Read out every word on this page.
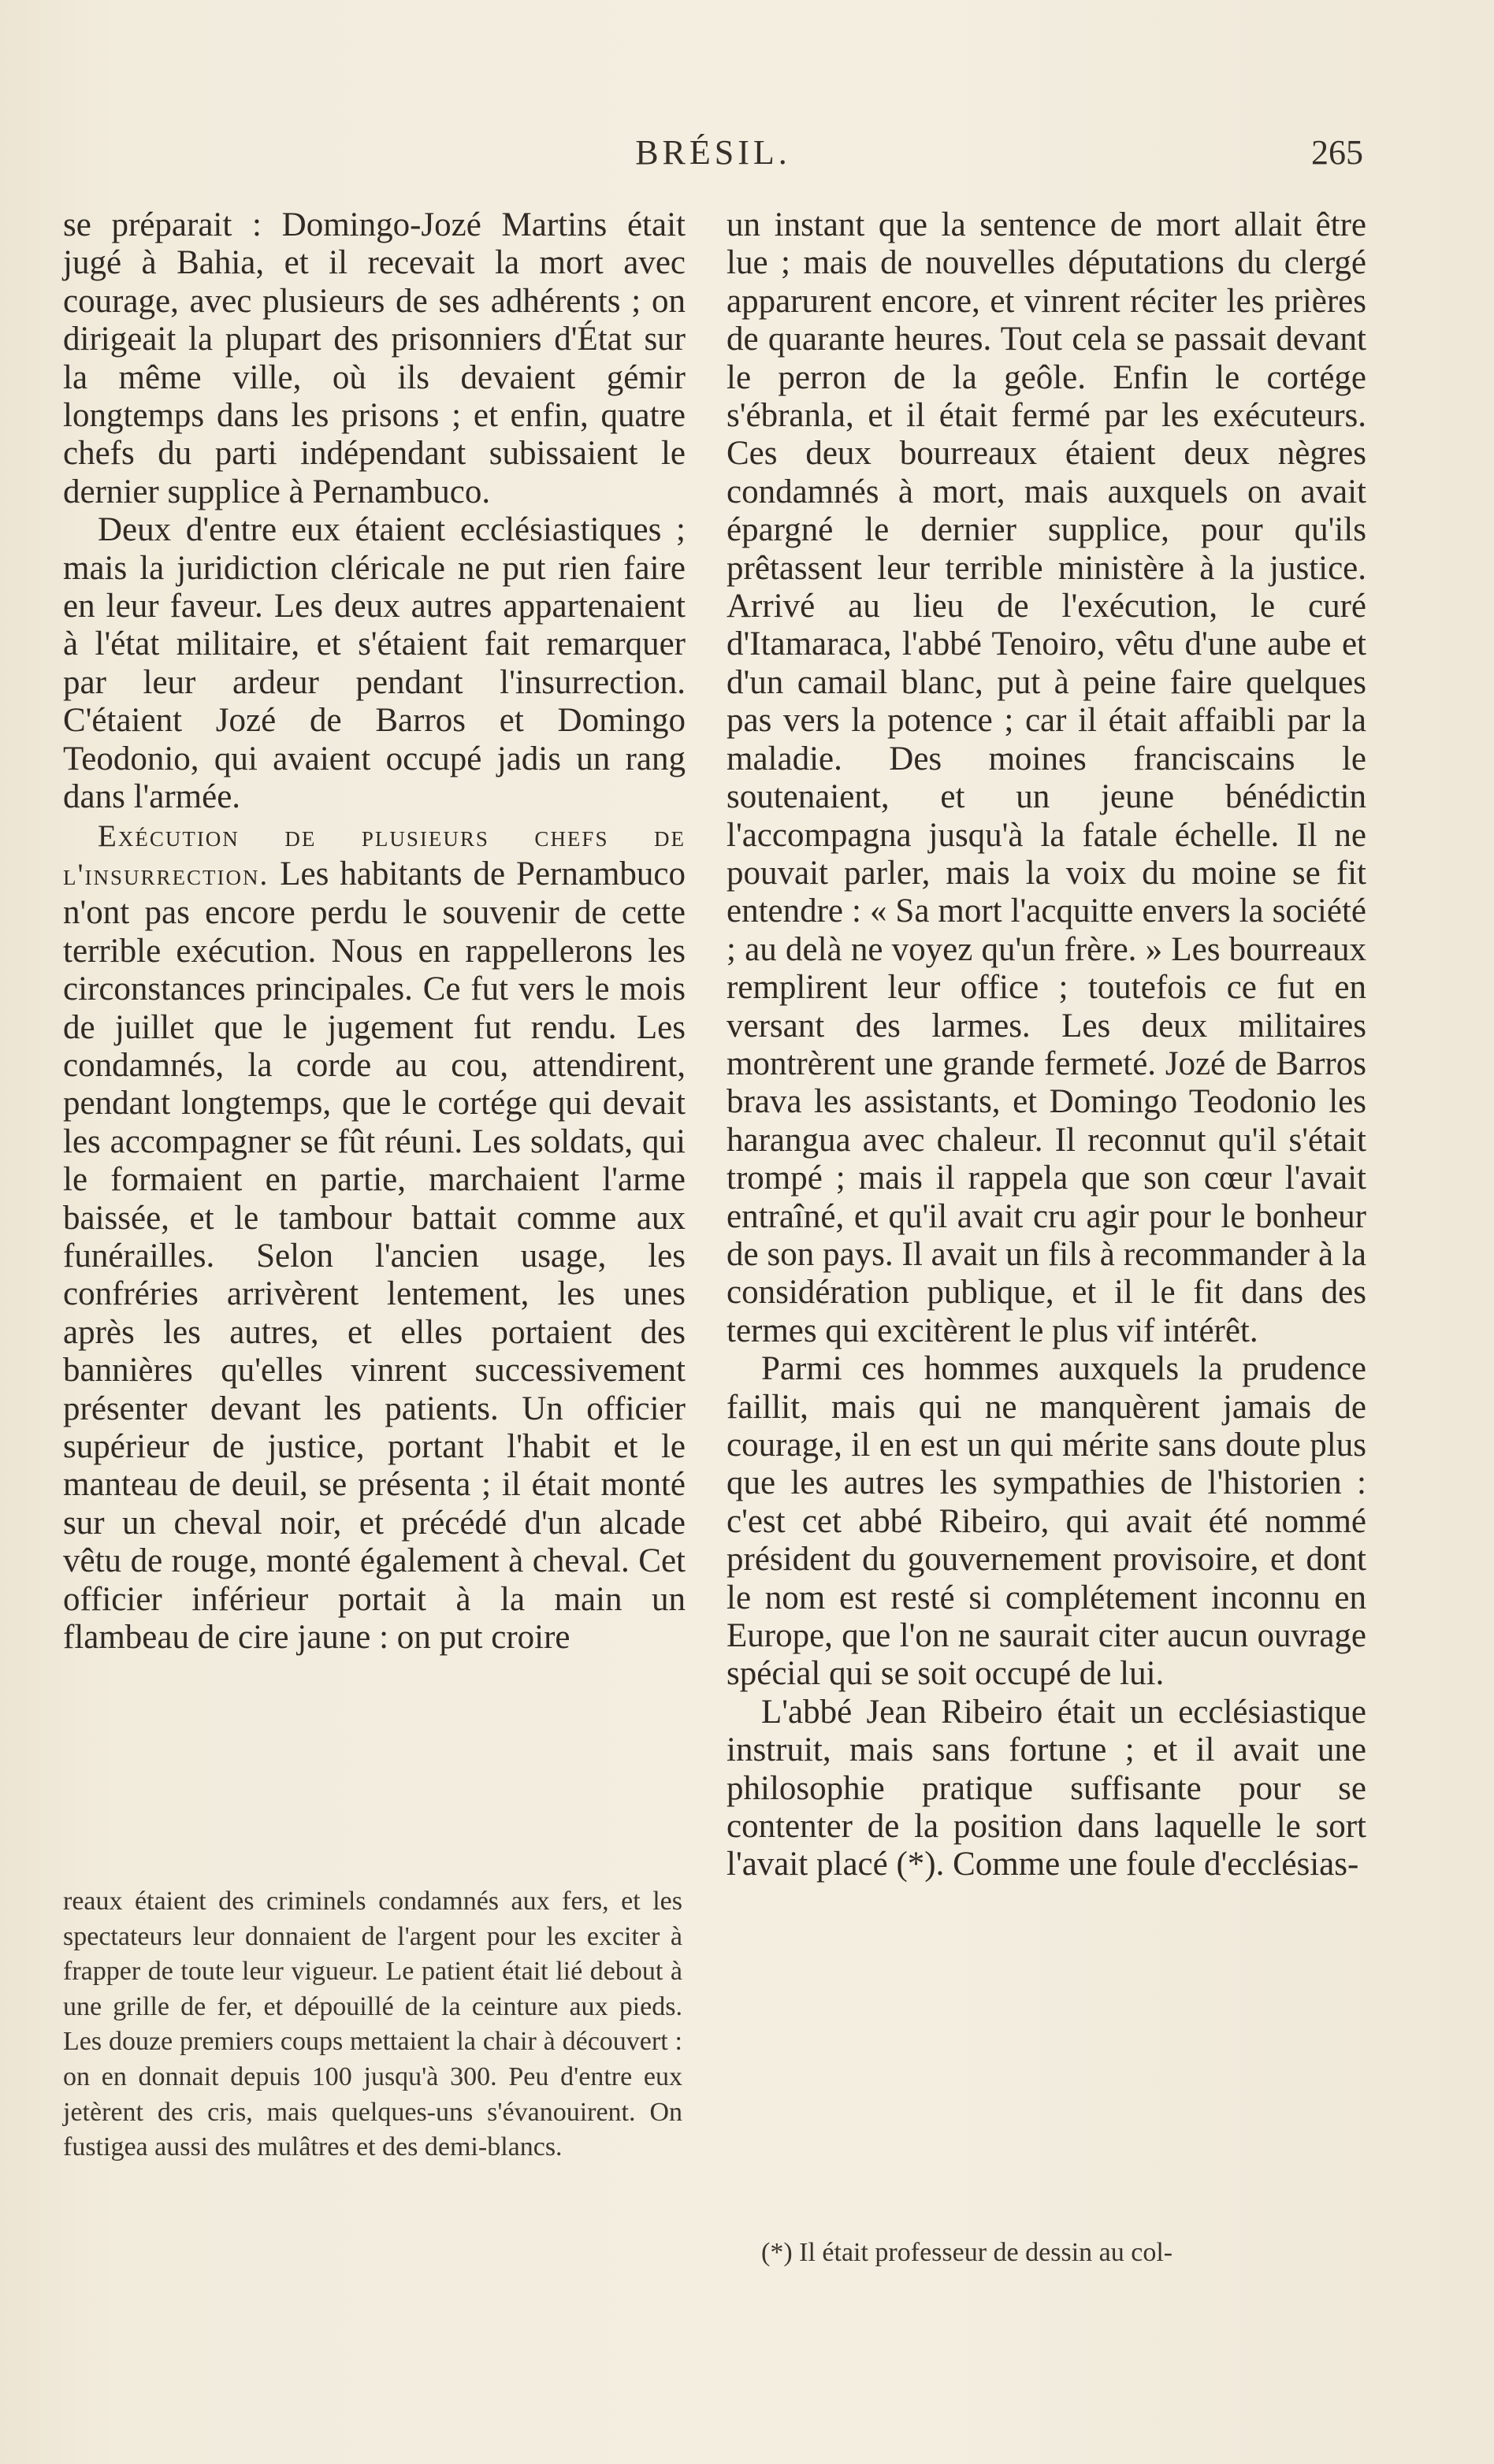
BRÉSIL.	265

se préparait : Domingo-Jozé Martins était jugé à Bahia, et il recevait la mort avec courage, avec plusieurs de ses adhérents ; on dirigeait la plupart des prisonniers d'État sur la même ville, où ils devaient gémir longtemps dans les prisons ; et enfin, quatre chefs du parti indépendant subissaient le dernier supplice à Pernambuco.

Deux d'entre eux étaient ecclésiastiques ; mais la juridiction cléricale ne put rien faire en leur faveur. Les deux autres appartenaient à l'état militaire, et s'étaient fait remarquer par leur ardeur pendant l'insurrection. C'étaient Jozé de Barros et Domingo Teodonio, qui avaient occupé jadis un rang dans l'armée.

Exécution de plusieurs chefs de l'insurrection. Les habitants de Pernambuco n'ont pas encore perdu le souvenir de cette terrible exécution. Nous en rappellerons les circonstances principales. Ce fut vers le mois de juillet que le jugement fut rendu. Les condamnés, la corde au cou, attendirent, pendant longtemps, que le cortége qui devait les accompagner se fût réuni. Les soldats, qui le formaient en partie, marchaient l'arme baissée, et le tambour battait comme aux funérailles. Selon l'ancien usage, les confréries arrivèrent lentement, les unes après les autres, et elles portaient des bannières qu'elles vinrent successivement présenter devant les patients. Un officier supérieur de justice, portant l'habit et le manteau de deuil, se présenta ; il était monté sur un cheval noir, et précédé d'un alcade vêtu de rouge, monté également à cheval. Cet officier inférieur portait à la main un flambeau de cire jaune : on put croire

reaux étaient des criminels condamnés aux fers, et les spectateurs leur donnaient de l'argent pour les exciter à frapper de toute leur vigueur. Le patient était lié debout à une grille de fer, et dépouillé de la ceinture aux pieds. Les douze premiers coups mettaient la chair à découvert : on en donnait depuis 100 jusqu'à 300. Peu d'entre eux jetèrent des cris, mais quelques-uns s'évanouirent. On fustigea aussi des mulâtres et des demi-blancs.

un instant que la sentence de mort allait être lue ; mais de nouvelles députations du clergé apparurent encore, et vinrent réciter les prières de quarante heures. Tout cela se passait devant le perron de la geôle. Enfin le cortége s'ébranla, et il était fermé par les exécuteurs. Ces deux bourreaux étaient deux nègres condamnés à mort, mais auxquels on avait épargné le dernier supplice, pour qu'ils prêtassent leur terrible ministère à la justice. Arrivé au lieu de l'exécution, le curé d'Itamaraca, l'abbé Tenoiro, vêtu d'une aube et d'un camail blanc, put à peine faire quelques pas vers la potence ; car il était affaibli par la maladie. Des moines franciscains le soutenaient, et un jeune bénédictin l'accompagna jusqu'à la fatale échelle. Il ne pouvait parler, mais la voix du moine se fit entendre : « Sa mort l'acquitte envers la société ; au delà ne voyez qu'un frère. » Les bourreaux remplirent leur office ; toutefois ce fut en versant des larmes. Les deux militaires montrèrent une grande fermeté. Jozé de Barros brava les assistants, et Domingo Teodonio les harangua avec chaleur. Il reconnut qu'il s'était trompé ; mais il rappela que son cœur l'avait entraîné, et qu'il avait cru agir pour le bonheur de son pays. Il avait un fils à recommander à la considération publique, et il le fit dans des termes qui excitèrent le plus vif intérêt.

Parmi ces hommes auxquels la prudence faillit, mais qui ne manquèrent jamais de courage, il en est un qui mérite sans doute plus que les autres les sympathies de l'historien : c'est cet abbé Ribeiro, qui avait été nommé président du gouvernement provisoire, et dont le nom est resté si complétement inconnu en Europe, que l'on ne saurait citer aucun ouvrage spécial qui se soit occupé de lui.

L'abbé Jean Ribeiro était un ecclésiastique instruit, mais sans fortune ; et il avait une philosophie pratique suffisante pour se contenter de la position dans laquelle le sort l'avait placé (*). Comme une foule d'ecclésias-

(*) Il était professeur de dessin au col-
